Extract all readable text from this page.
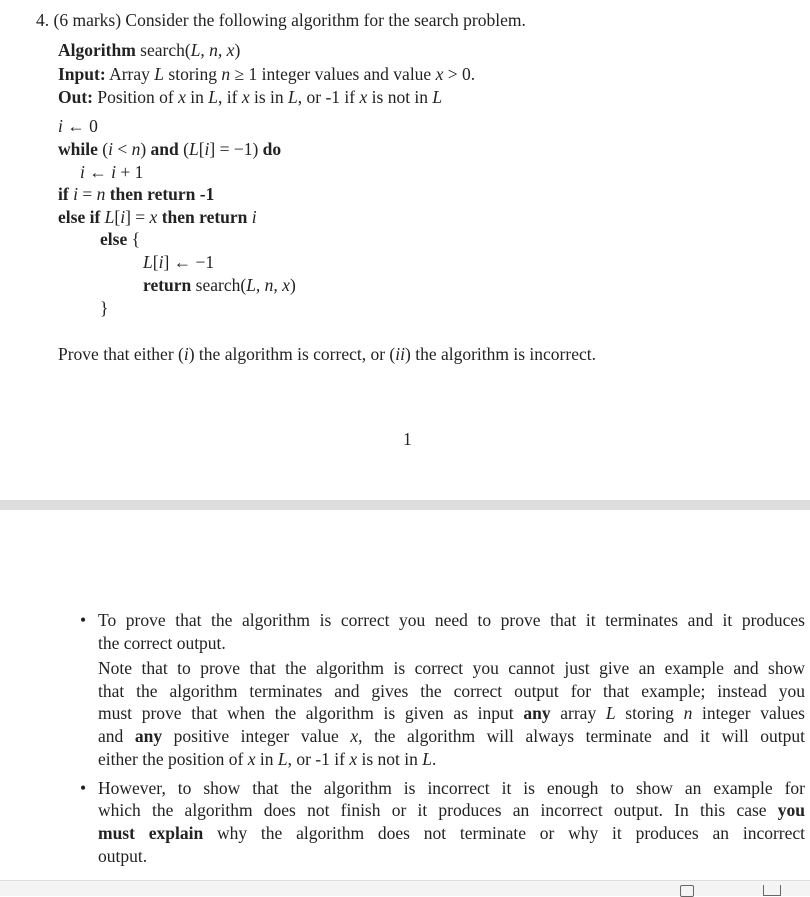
4. (6 marks) Consider the following algorithm for the search problem.
Algorithm search(L, n, x)
Input: Array L storing n ≥ 1 integer values and value x > 0.
Out: Position of x in L, if x is in L, or -1 if x is not in L
i ← 0
while (i < n) and (L[i] = −1) do
i ← i + 1
if i = n then return -1
else if L[i] = x then return i
else {
L[i] ← −1
return search(L, n, x)
}
Prove that either (i) the algorithm is correct, or (ii) the algorithm is incorrect.
1
To prove that the algorithm is correct you need to prove that it terminates and it produces
the correct output.
Note that to prove that the algorithm is correct you cannot just give an example and show
that the algorithm terminates and gives the correct output for that example; instead you
must prove that when the algorithm is given as input any array L storing n integer values
and any positive integer value x, the algorithm will always terminate and it will output
either the position of x in L, or -1 if x is not in L.
However, to show that the algorithm is incorrect it is enough to show an example for
which the algorithm does not finish or it produces an incorrect output. In this case you
must explain why the algorithm does not terminate or why it produces an incorrect
output.
•
•
